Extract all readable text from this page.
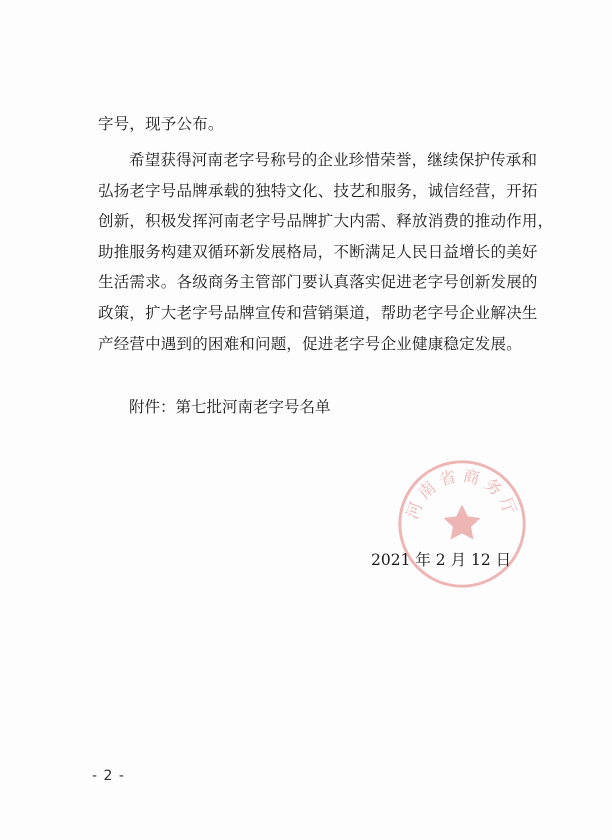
字号，现予公布。

希望获得河南老字号称号的企业珍惜荣誉，继续保护传承和
弘扬老字号品牌承载的独特文化、技艺和服务，诚信经营，开拓
创新，积极发挥河南老字号品牌扩大内需、释放消费的推动作用，
助推服务构建双循环新发展格局，不断满足人民日益增长的美好
生活需求。各级商务主管部门要认真落实促进老字号创新发展的
政策，扩大老字号品牌宣传和营销渠道，帮助老字号企业解决生
产经营中遇到的困难和问题，促进老字号企业健康稳定发展。

附件：第七批河南老字号名单
河南省商务厅
2021 年 2 月 12 日
- 2 -
